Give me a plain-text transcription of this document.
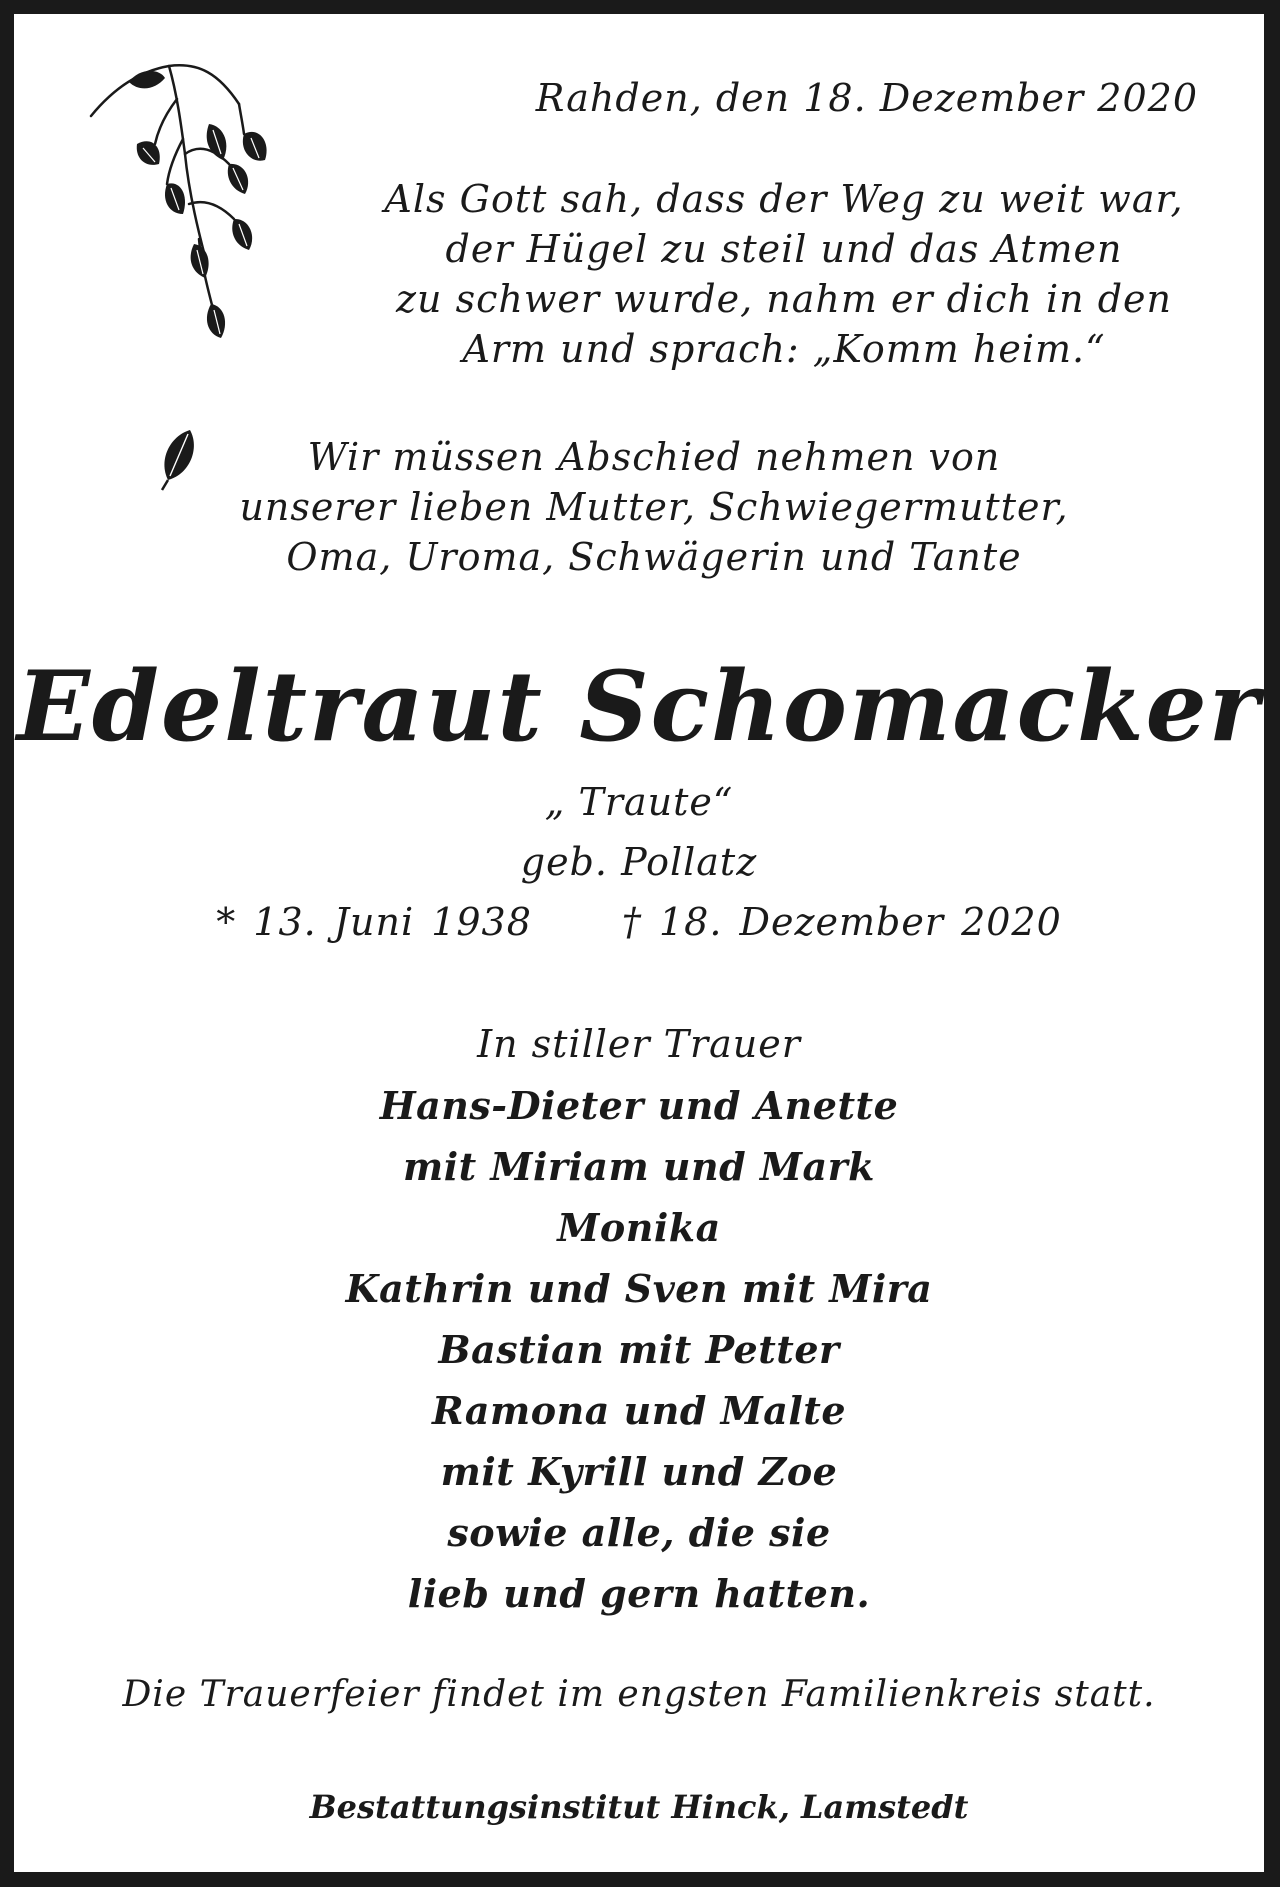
Rahden, den 18. Dezember 2020
Als Gott sah, dass der Weg zu weit war,
der Hügel zu steil und das Atmen
zu schwer wurde, nahm er dich in den
Arm und sprach: „Komm heim.“
Wir müssen Abschied nehmen von
unserer lieben Mutter, Schwiegermutter,
Oma, Uroma, Schwägerin und Tante
Edeltraut Schomacker
„ Traute“
geb. Pollatz
* 13. Juni 1938 † 18. Dezember 2020
In stiller Trauer
Hans-Dieter und Anette
mit Miriam und Mark
Monika
Kathrin und Sven mit Mira
Bastian mit Petter
Ramona und Malte
mit Kyrill und Zoe
sowie alle, die sie
lieb und gern hatten.
Die Trauerfeier findet im engsten Familienkreis statt.
Bestattungsinstitut Hinck, Lamstedt
